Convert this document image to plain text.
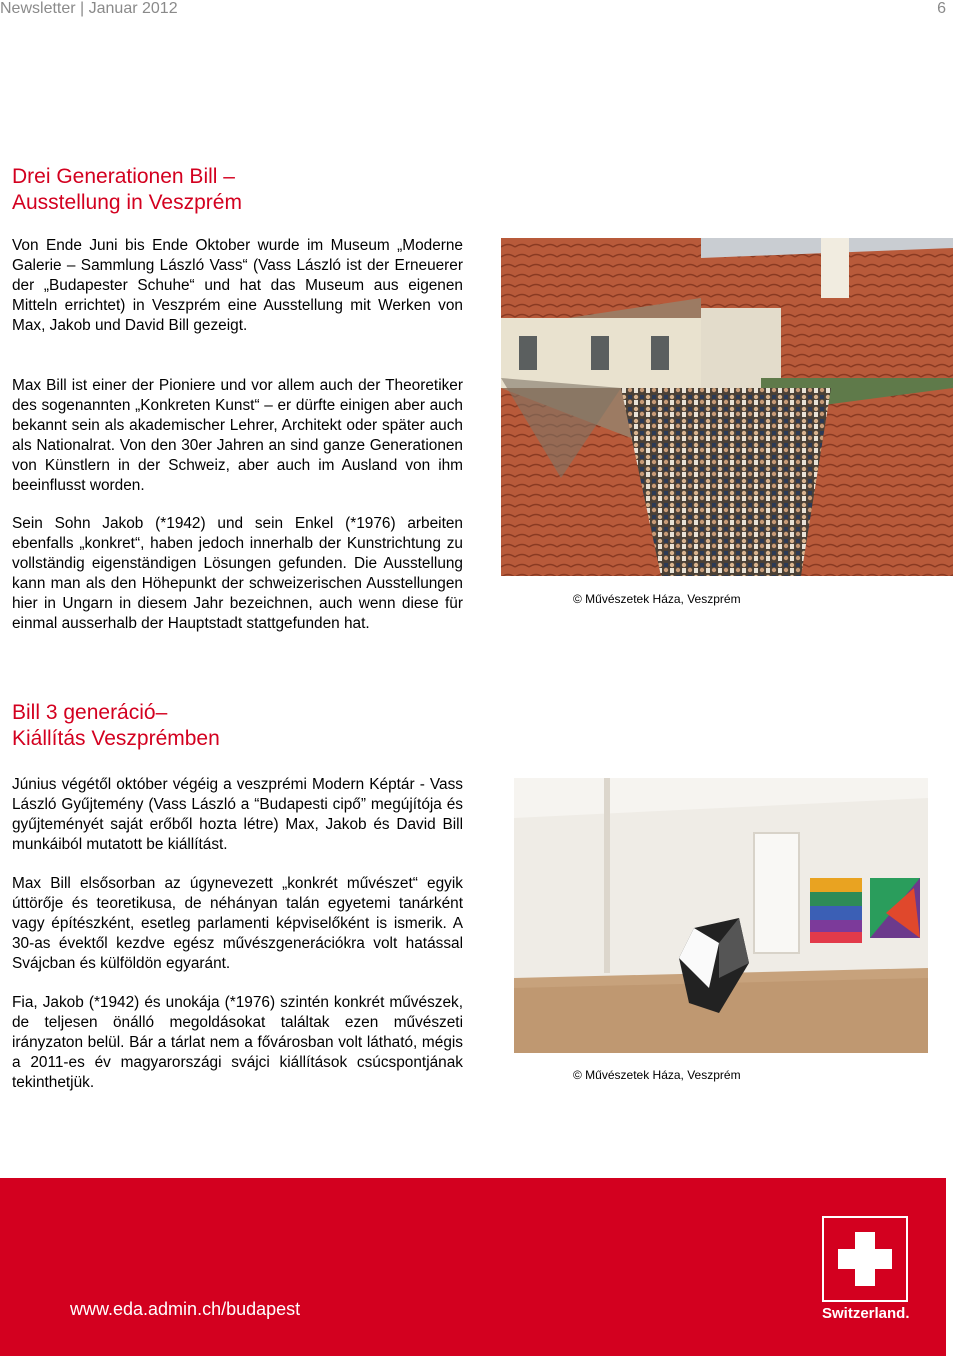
Newsletter | Januar 2012	6
Drei Generationen Bill –
Ausstellung in Veszprém

Von Ende Juni bis Ende Oktober wurde im Museum „Moderne Galerie – Sammlung László Vass“ (Vass László ist der Erneuerer der „Budapester Schuhe“ und hat das Museum aus eigenen Mitteln errichtet) in Veszprém eine Ausstellung mit Werken von Max, Jakob und David Bill gezeigt.

Max Bill ist einer der Pioniere und vor allem auch der Theoretiker des sogenannten „Konkreten Kunst“ – er dürfte einigen aber auch bekannt sein als akademischer Lehrer, Architekt oder später auch als Nationalrat. Von den 30er Jahren an sind ganze Generationen von Künstlern in der Schweiz, aber auch im Ausland von ihm beeinflusst worden.

Sein Sohn Jakob (*1942) und sein Enkel (*1976) arbeiten ebenfalls „konkret“, haben jedoch innerhalb der Kunstrichtung zu vollständig eigenständigen Lösungen gefunden. Die Ausstellung kann man als den Höhepunkt der schweizerischen Ausstellungen hier in Ungarn in diesem Jahr bezeichnen, auch wenn diese für einmal ausserhalb der Hauptstadt stattgefunden hat.

© Művészetek Háza, Veszprém
Bill 3 generáció–
Kiállítás Veszprémben

Június végétől október végéig a veszprémi Modern Képtár - Vass László Gyűjtemény (Vass László a “Budapesti cipő” megújítója és gyűjteményét saját erőből hozta létre) Max, Jakob és David Bill munkáiból mutatott be kiállítást.

Max Bill elsősorban az úgynevezett „konkrét művészet“ egyik úttörője és teoretikusa, de néhányan talán egyetemi tanárként vagy építészként, esetleg parlamenti képviselőként is ismerik. A 30-as évektől kezdve egész művészgenerációkra volt hatással Svájcban és külföldön egyaránt.

Fia, Jakob (*1942) és unokája (*1976) szintén konkrét művészek, de teljesen önálló megoldásokat találtak ezen művészeti irányzaton belül. Bár a tárlat nem a fővárosban volt látható, mégis a 2011-es év magyarországi svájci kiállítások csúcspontjának tekinthetjük.	© Művészetek Háza, Veszprém
www.eda.admin.ch/budapest	Switzerland.
